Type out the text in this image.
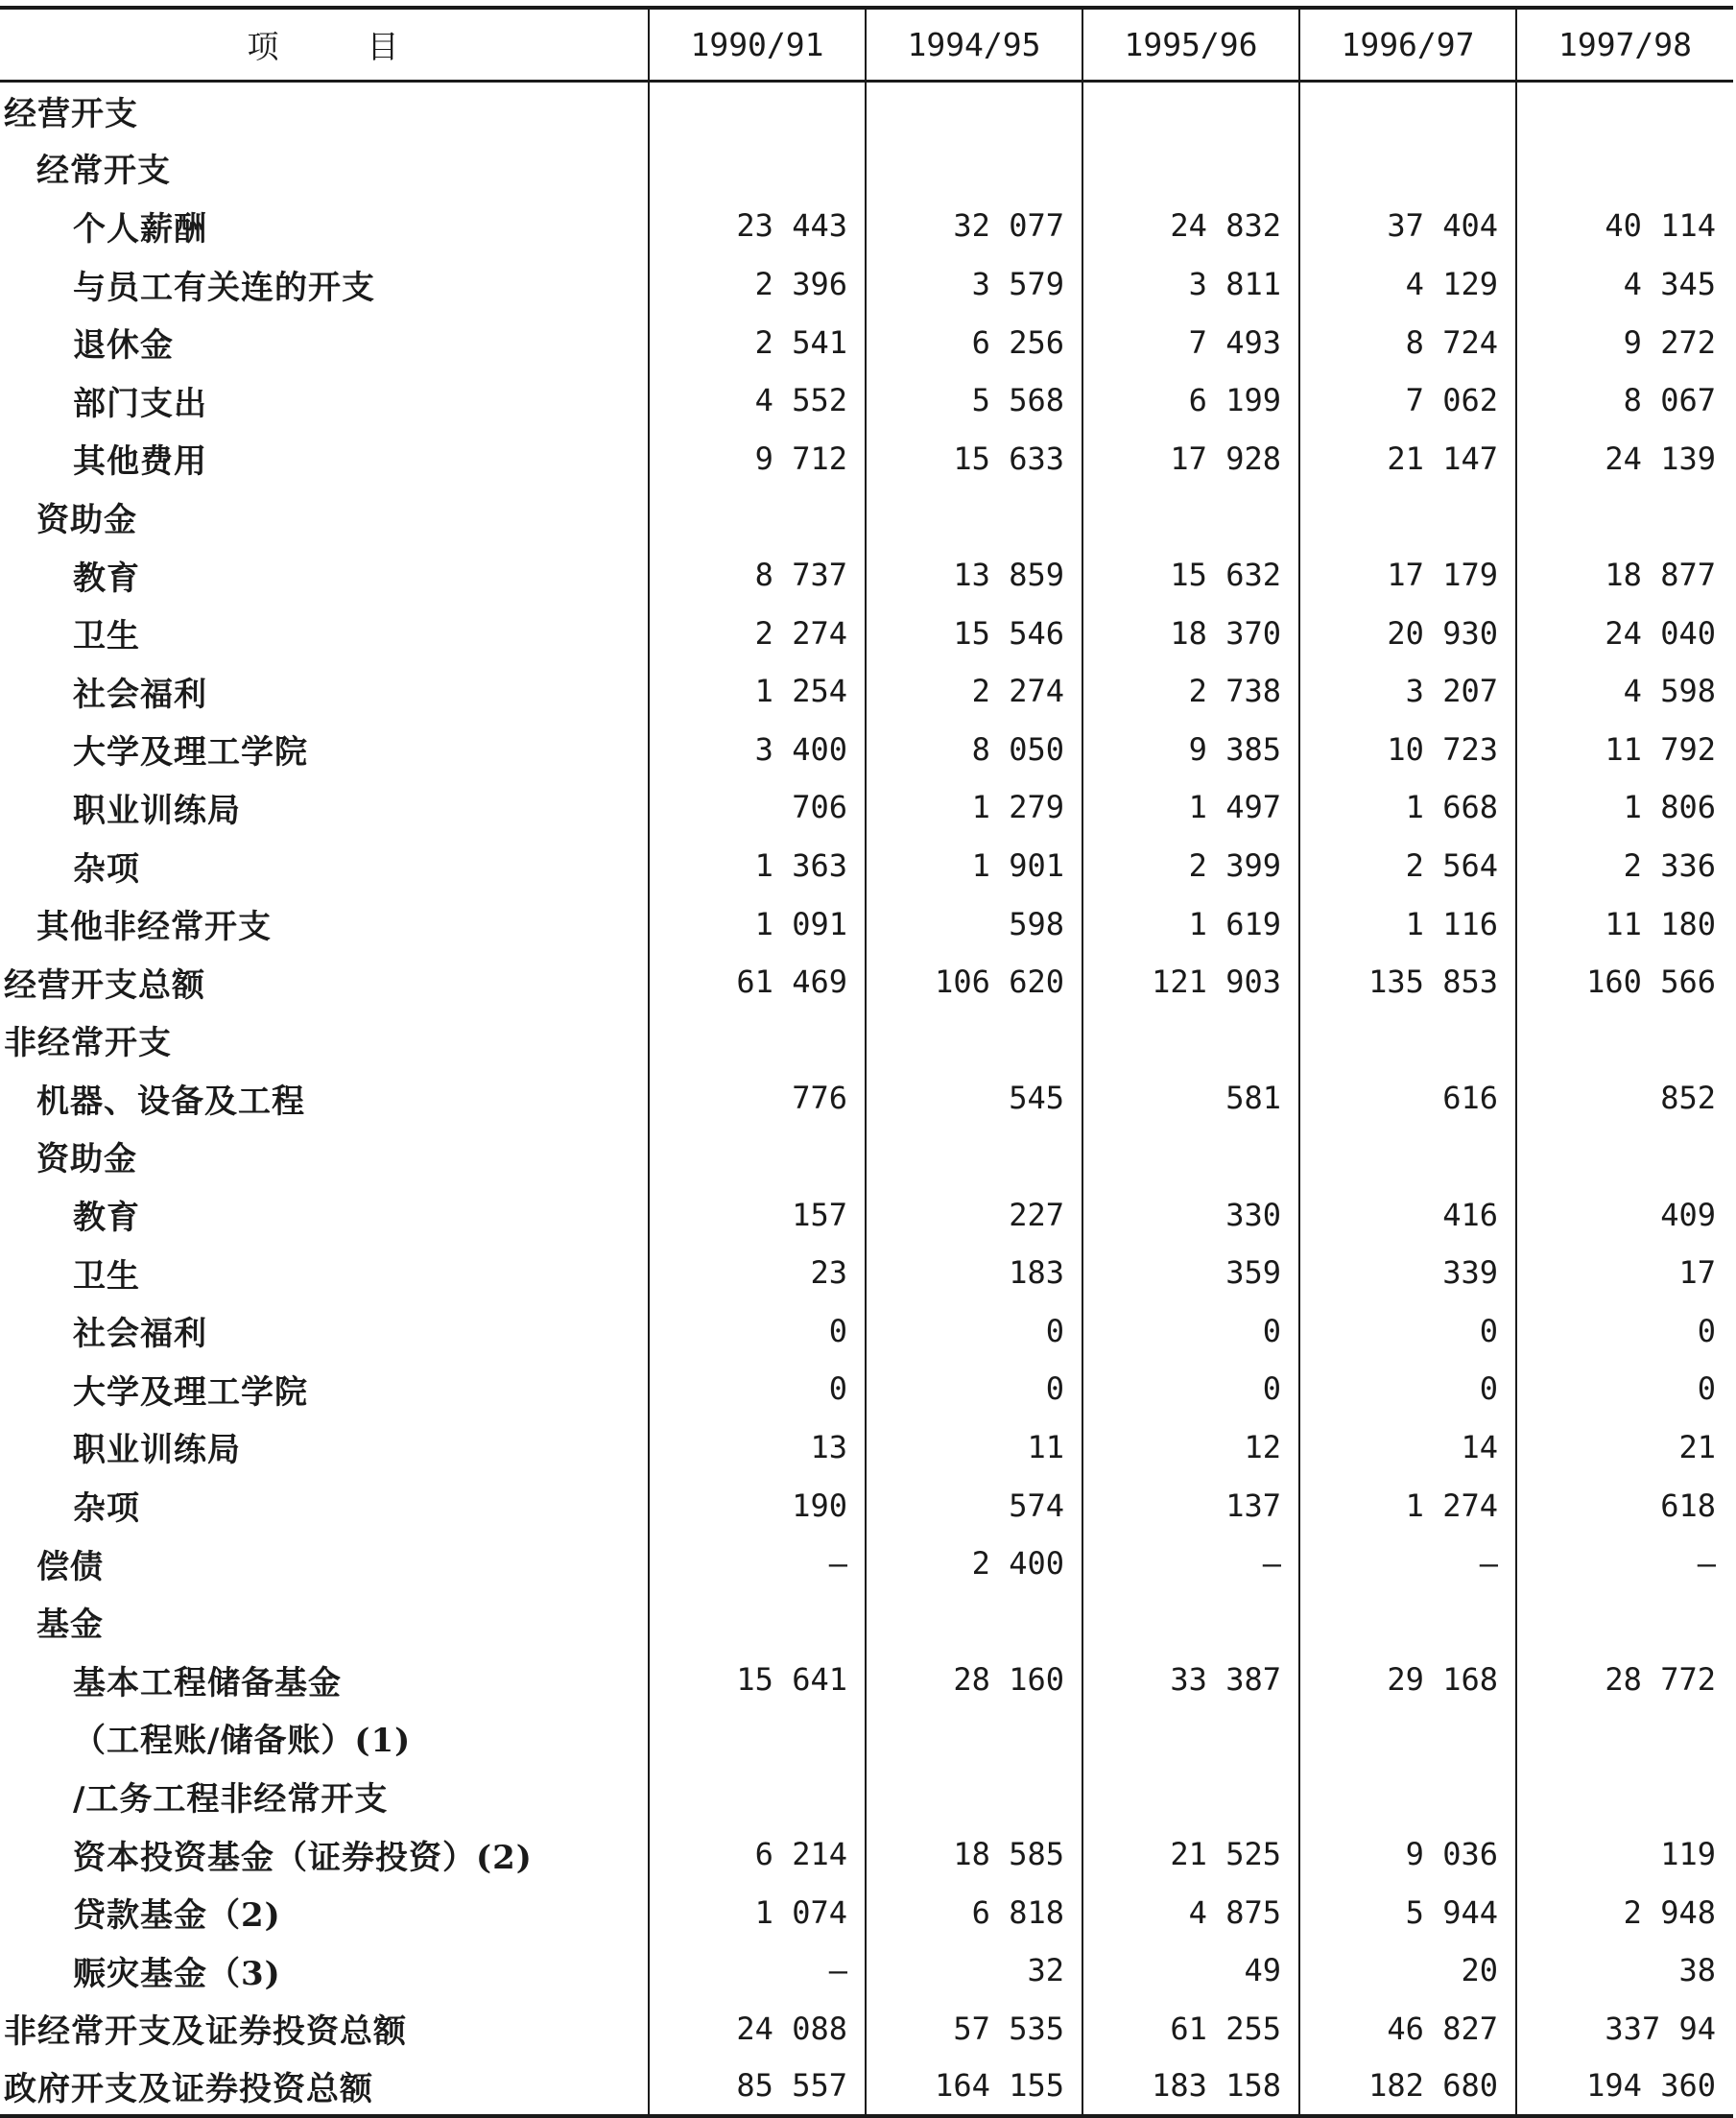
项 目	1990/91	1994/95	1995/96	1996/97	1997/98
经营开支					
经常开支					
个人薪酬	23 443	32 077	24 832	37 404	40 114
与员工有关连的开支	2 396	3 579	3 811	4 129	4 345
退休金	2 541	6 256	7 493	8 724	9 272
部门支出	4 552	5 568	6 199	7 062	8 067
其他费用	9 712	15 633	17 928	21 147	24 139
资助金					
教育	8 737	13 859	15 632	17 179	18 877
卫生	2 274	15 546	18 370	20 930	24 040
社会福利	1 254	2 274	2 738	3 207	4 598
大学及理工学院	3 400	8 050	9 385	10 723	11 792
职业训练局	706	1 279	1 497	1 668	1 806
杂项	1 363	1 901	2 399	2 564	2 336
其他非经常开支	1 091	598	1 619	1 116	11 180
经营开支总额	61 469	106 620	121 903	135 853	160 566
非经常开支					
机器、设备及工程	776	545	581	616	852
资助金					
教育	157	227	330	416	409
卫生	23	183	359	339	17
社会福利	0	0	0	0	0
大学及理工学院	0	0	0	0	0
职业训练局	13	11	12	14	21
杂项	190	574	137	1 274	618
偿债	—	2 400	—	—	—
基金					
基本工程储备基金	15 641	28 160	33 387	29 168	28 772
（工程账/储备账）(1)					
/工务工程非经常开支					
资本投资基金（证券投资）(2)	6 214	18 585	21 525	9 036	119
贷款基金（2)	1 074	6 818	4 875	5 944	2 948
赈灾基金（3)	—	32	49	20	38
非经常开支及证券投资总额	24 088	57 535	61 255	46 827	337 94
政府开支及证券投资总额	85 557	164 155	183 158	182 680	194 360
